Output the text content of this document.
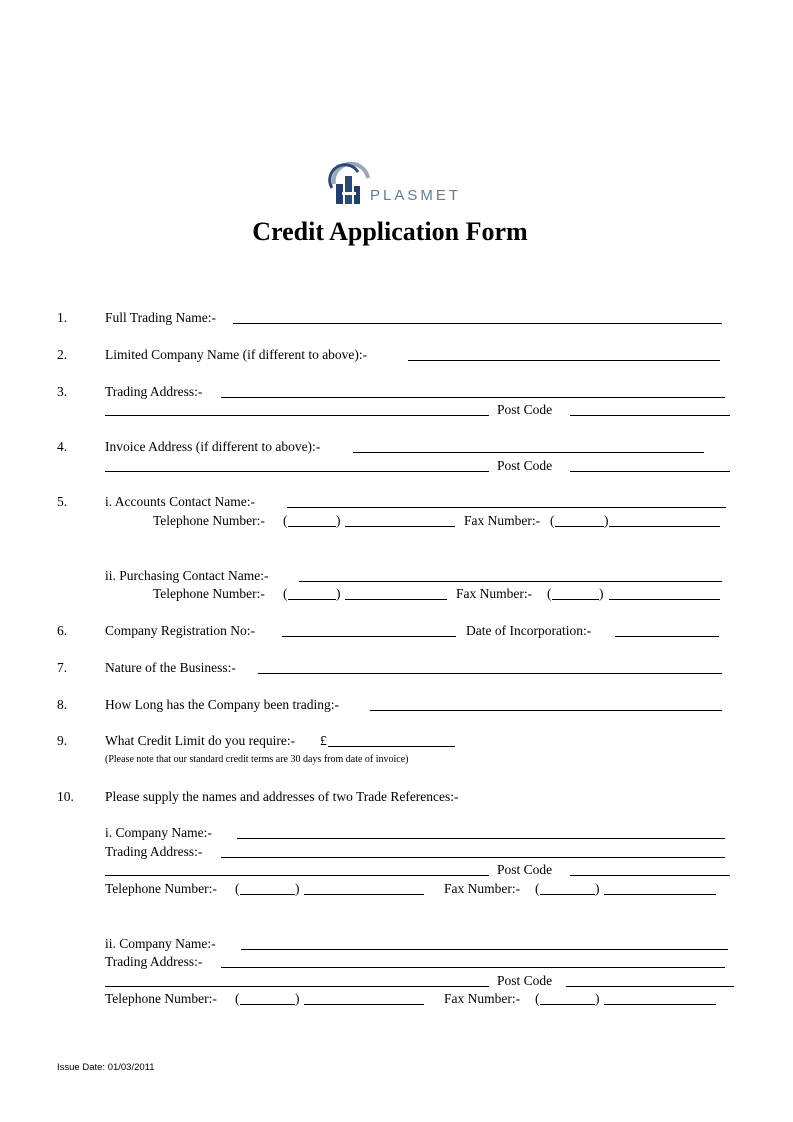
PLASMET
Credit Application Form
1.	Full Trading Name:-
2.	Limited Company Name (if different to above):-
3.	Trading Address:-
Post Code
4.	Invoice Address (if different to above):-
Post Code
5.	i. Accounts Contact Name:-
Telephone Number:- (	)	Fax Number:- (	)
ii. Purchasing Contact Name:-
Telephone Number:- (	)	Fax Number:- (	)
6.	Company Registration No:-	Date of Incorporation:-
7.	Nature of the Business:-
8.	How Long has the Company been trading:-
9.	What Credit Limit do you require:- £
(Please note that our standard credit terms are 30 days from date of invoice)
10. Please supply the names and addresses of two Trade References:-
i. Company Name:-
Trading Address:-
Post Code
Telephone Number:- (	)	Fax Number:- (	)
ii. Company Name:-
Trading Address:-
Post Code
Telephone Number:- (	)	Fax Number:- (	)
Issue Date: 01/03/2011
